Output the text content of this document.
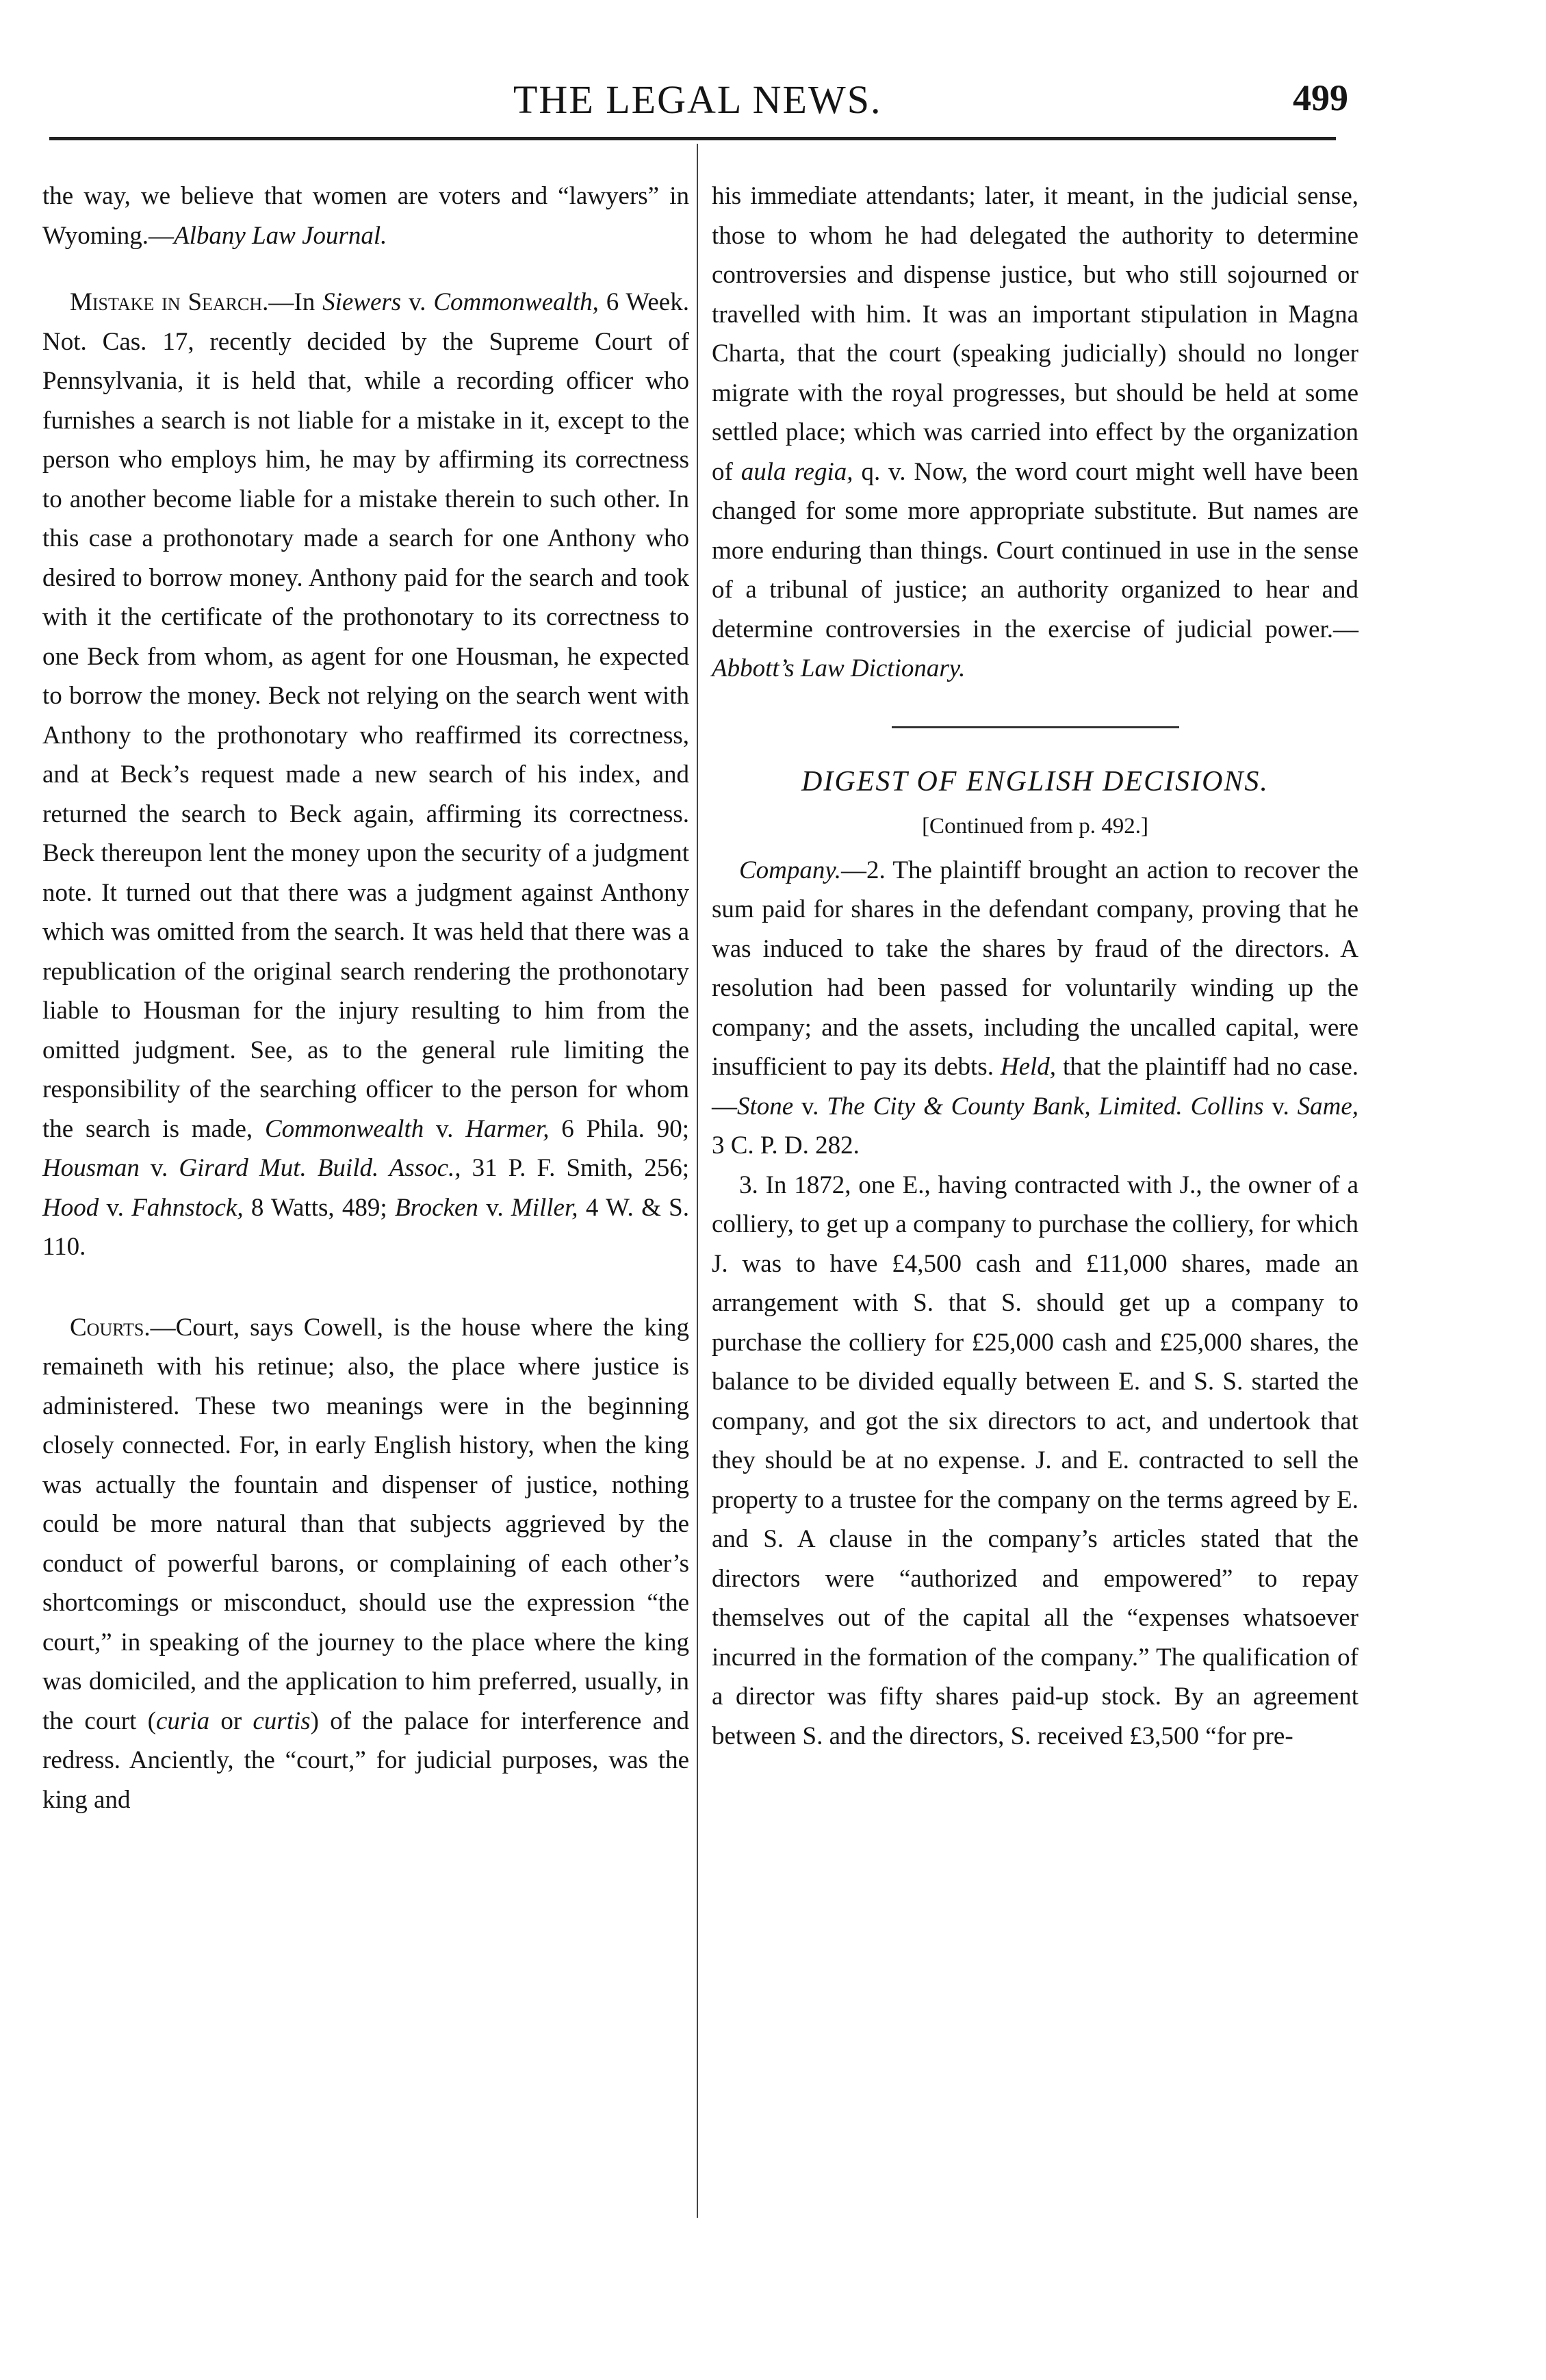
THE LEGAL NEWS.	499

the way, we believe that women are voters and “lawyers” in Wyoming.—Albany Law Journal.

Mistake in Search.—In Siewers v. Commonwealth, 6 Week. Not. Cas. 17, recently decided by the Supreme Court of Pennsylvania, it is held that, while a recording officer who furnishes a search is not liable for a mistake in it, except to the person who employs him, he may by affirming its correctness to another become liable for a mistake therein to such other. In this case a prothonotary made a search for one Anthony who desired to borrow money. Anthony paid for the search and took with it the certificate of the prothonotary to its correctness to one Beck from whom, as agent for one Housman, he expected to borrow the money. Beck not relying on the search went with Anthony to the prothonotary who reaffirmed its correctness, and at Beck’s request made a new search of his index, and returned the search to Beck again, affirming its correctness. Beck thereupon lent the money upon the security of a judgment note. It turned out that there was a judgment against Anthony which was omitted from the search. It was held that there was a republication of the original search rendering the prothonotary liable to Housman for the injury resulting to him from the omitted judgment. See, as to the general rule limiting the responsibility of the searching officer to the person for whom the search is made, Commonwealth v. Harmer, 6 Phila. 90; Housman v. Girard Mut. Build. Assoc., 31 P. F. Smith, 256; Hood v. Fahnstock, 8 Watts, 489; Brocken v. Miller, 4 W. & S. 110.

Courts.—Court, says Cowell, is the house where the king remaineth with his retinue; also, the place where justice is administered. These two meanings were in the beginning closely connected. For, in early English history, when the king was actually the fountain and dispenser of justice, nothing could be more natural than that subjects aggrieved by the conduct of powerful barons, or complaining of each other’s shortcomings or misconduct, should use the expression “the court,” in speaking of the journey to the place where the king was domiciled, and the application to him preferred, usually, in the court (curia or curtis) of the palace for interference and redress. Anciently, the “court,” for judicial purposes, was the king and

his immediate attendants; later, it meant, in the judicial sense, those to whom he had delegated the authority to determine controversies and dispense justice, but who still sojourned or travelled with him. It was an important stipulation in Magna Charta, that the court (speaking judicially) should no longer migrate with the royal progresses, but should be held at some settled place; which was carried into effect by the organization of aula regia, q. v. Now, the word court might well have been changed for some more appropriate substitute. But names are more enduring than things. Court continued in use in the sense of a tribunal of justice; an authority organized to hear and determine controversies in the exercise of judicial power.—Abbott’s Law Dictionary.

DIGEST OF ENGLISH DECISIONS.
[Continued from p. 492.]

Company.—2. The plaintiff brought an action to recover the sum paid for shares in the defendant company, proving that he was induced to take the shares by fraud of the directors. A resolution had been passed for voluntarily winding up the company; and the assets, including the uncalled capital, were insufficient to pay its debts. Held, that the plaintiff had no case.—Stone v. The City & County Bank, Limited. Collins v. Same, 3 C. P. D. 282.

3. In 1872, one E., having contracted with J., the owner of a colliery, to get up a company to purchase the colliery, for which J. was to have £4,500 cash and £11,000 shares, made an arrangement with S. that S. should get up a company to purchase the colliery for £25,000 cash and £25,000 shares, the balance to be divided equally between E. and S. S. started the company, and got the six directors to act, and undertook that they should be at no expense. J. and E. contracted to sell the property to a trustee for the company on the terms agreed by E. and S. A clause in the company’s articles stated that the directors were “authorized and empowered” to repay themselves out of the capital all the “expenses whatsoever incurred in the formation of the company.” The qualification of a director was fifty shares paid-up stock. By an agreement between S. and the directors, S. received £3,500 “for pre-
